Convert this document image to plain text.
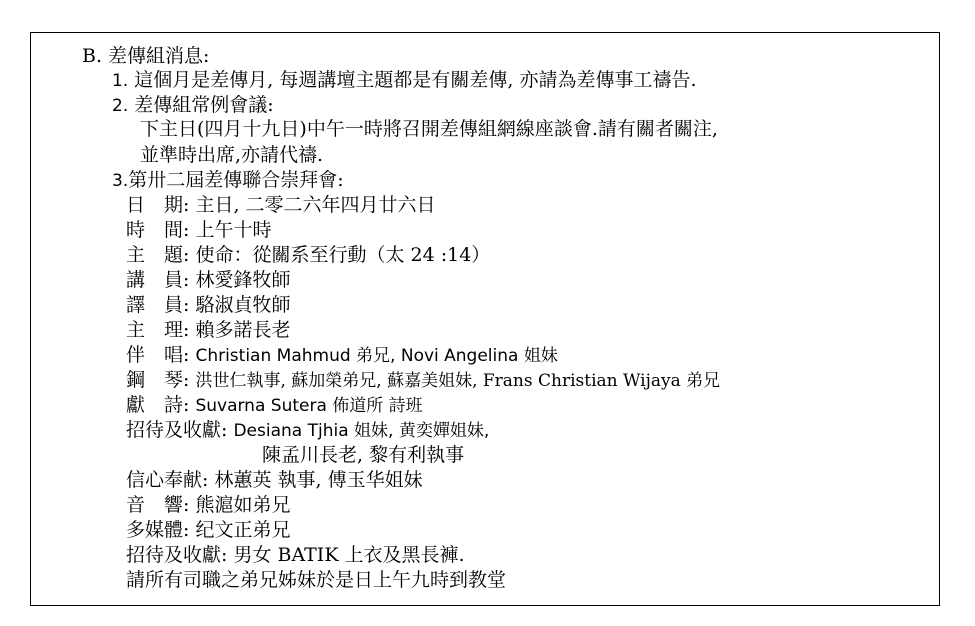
B. 差傳組消息:
1. 這個月是差傳月, 每週講壇主題都是有關差傳, 亦請為差傳事工禱告.
2. 差傳組常例會議:
下主日(四月十九日)中午一時將召開差傳組網線座談會.請有關者關注,
並準時出席,亦請代禱.
3.第卅二屆差傳聯合崇拜會:
日　期: 主日, 二零二六年四月廿六日
時　間: 上午十時
主　題: 使命：從關系至行動（太 24 :14）
講　員: 林愛鋒牧師
譯　員: 駱淑貞牧師
主　理: 賴多諾長老
伴　唱: Christian Mahmud 弟兄, Novi Angelina 姐妹
鋼　琴: 洪世仁執事, 蘇加榮弟兄, 蘇嘉美姐妹, Frans Christian Wijaya 弟兄
獻　詩: Suvarna Sutera 佈道所 詩班
招待及收獻: Desiana Tjhia 姐妹, 黄奕嬋姐妹,
陳孟川長老, 黎有利執事
信心奉献: 林蕙英 執事, 傅玉华姐妹
音　響: 熊滬如弟兄
多媒體: 纪文正弟兄
招待及收獻: 男女 BATIK 上衣及黑長褲.
請所有司職之弟兄姊妹於是日上午九時到教堂
